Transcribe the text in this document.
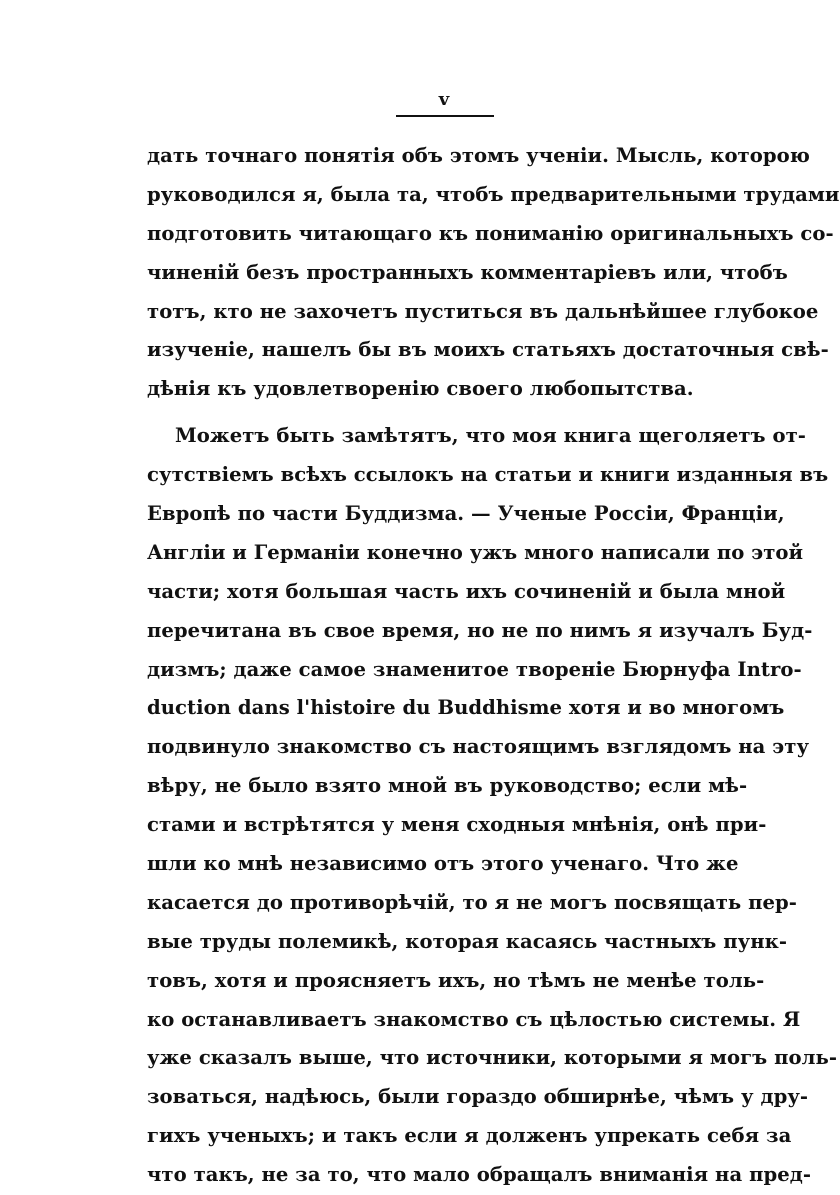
v
дать точнаго понятія объ этомъ ученіи. Мысль, которою
руководился я, была та, чтобъ предварительными трудами
подготовить читающаго къ пониманію оригинальныхъ со-
чиненій безъ пространныхъ комментаріевъ или, чтобъ
тотъ, кто не захочетъ пуститься въ дальнѣйшее глубокое
изученіе, нашелъ бы въ моихъ статьяхъ достаточныя свѣ-
дѣнія къ удовлетворенію своего любопытства.
Можетъ быть замѣтятъ, что моя книга щеголяетъ от-
сутствіемъ всѣхъ ссылокъ на статьи и книги изданныя въ
Европѣ по части Буддизма. — Ученые Россіи, Франціи,
Англіи и Германіи конечно ужъ много написали по этой
части; хотя большая часть ихъ сочиненій и была мной
перечитана въ свое время, но не по нимъ я изучалъ Буд-
дизмъ; даже самое знаменитое твореніе Бюрнуфа Intro-
duction dans l'histoire du Buddhisme хотя и во многомъ
подвинуло знакомство съ настоящимъ взглядомъ на эту
вѣру, не было взято мной въ руководство; если мѣ-
стами и встрѣтятся у меня сходныя мнѣнія, онѣ при-
шли ко мнѣ независимо отъ этого ученаго. Что же
касается до противорѣчій, то я не могъ посвящать пер-
вые труды полемикѣ, которая касаясь частныхъ пунк-
товъ, хотя и проясняетъ ихъ, но тѣмъ не менѣе толь-
ко останавливаетъ знакомство съ цѣлостью системы. Я
уже сказалъ выше, что источники, которыми я могъ поль-
зоваться, надѣюсь, были гораздо обширнѣе, чѣмъ у дру-
гихъ ученыхъ; и такъ если я долженъ упрекать себя за
что такъ, не за то, что мало обращалъ вниманія на пред-
